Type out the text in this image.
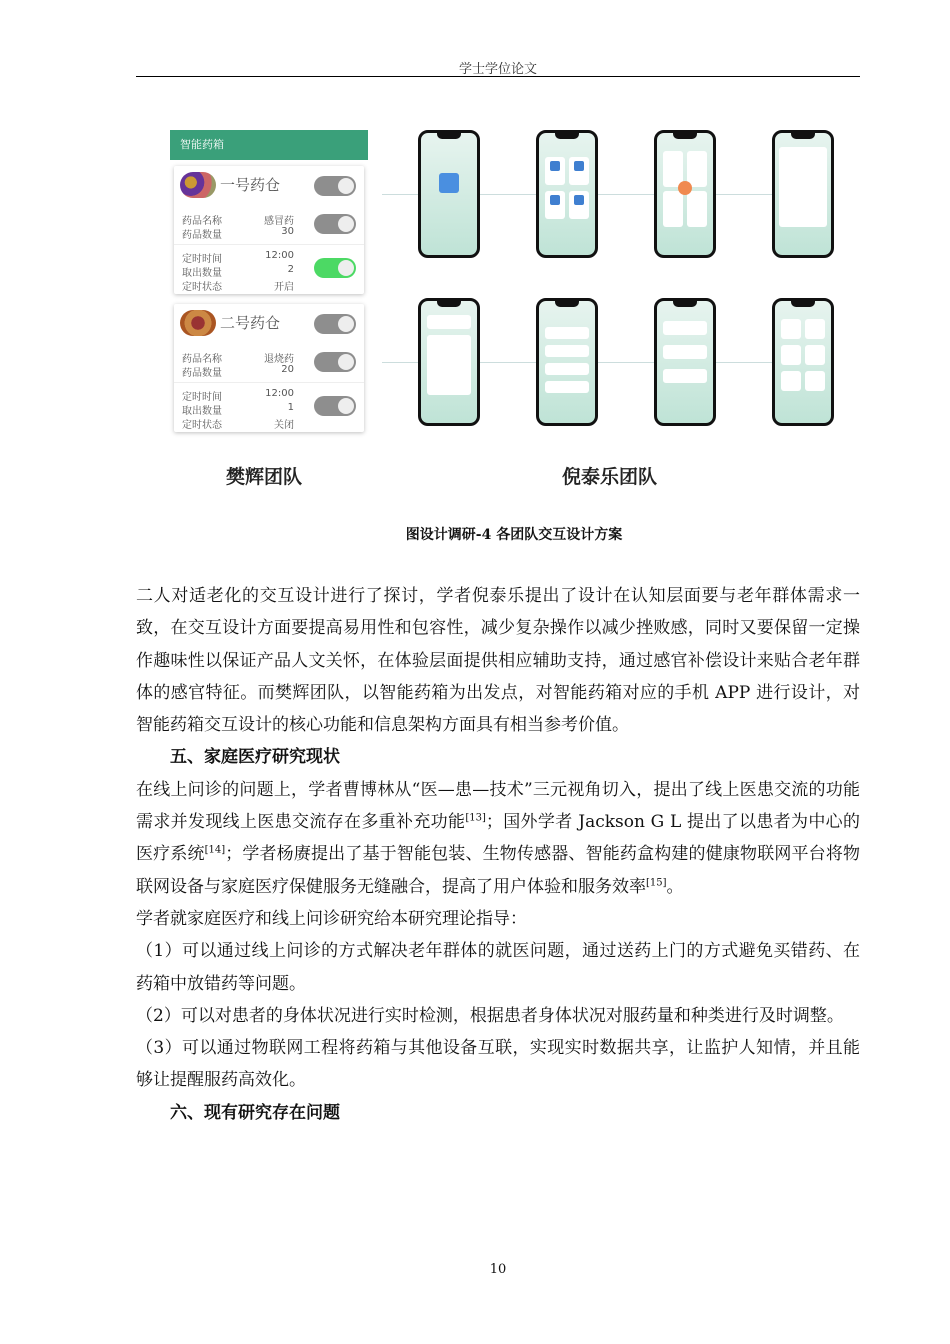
学士学位论文
智能药箱
一号药仓
药品名称	感冒药
药品数量	30
定时时间	12:00
取出数量	2
定时状态	开启
二号药仓
药品名称	退烧药
药品数量	20
定时时间	12:00
取出数量	1
定时状态	关闭
樊辉团队	倪泰乐团队
图设计调研-4 各团队交互设计方案

二人对适老化的交互设计进行了探讨，学者倪泰乐提出了设计在认知层面要与老年群体需求一致，在交互设计方面要提高易用性和包容性，减少复杂操作以减少挫败感，同时又要保留一定操作趣味性以保证产品人文关怀，在体验层面提供相应辅助支持，通过感官补偿设计来贴合老年群体的感官特征。而樊辉团队，以智能药箱为出发点，对智能药箱对应的手机 APP 进行设计，对智能药箱交互设计的核心功能和信息架构方面具有相当参考价值。

五、家庭医疗研究现状

在线上问诊的问题上，学者曹博林从“医—患—技术”三元视角切入，提出了线上医患交流的功能需求并发现线上医患交流存在多重补充功能[13]；国外学者 Jackson G L 提出了以患者为中心的医疗系统[14]；学者杨赓提出了基于智能包装、生物传感器、智能药盒构建的健康物联网平台将物联网设备与家庭医疗保健服务无缝融合，提高了用户体验和服务效率[15]。

学者就家庭医疗和线上问诊研究给本研究理论指导：

（1）可以通过线上问诊的方式解决老年群体的就医问题，通过送药上门的方式避免买错药、在药箱中放错药等问题。

（2）可以对患者的身体状况进行实时检测，根据患者身体状况对服药量和种类进行及时调整。

（3）可以通过物联网工程将药箱与其他设备互联，实现实时数据共享，让监护人知情，并且能够让提醒服药高效化。

六、现有研究存在问题

10
